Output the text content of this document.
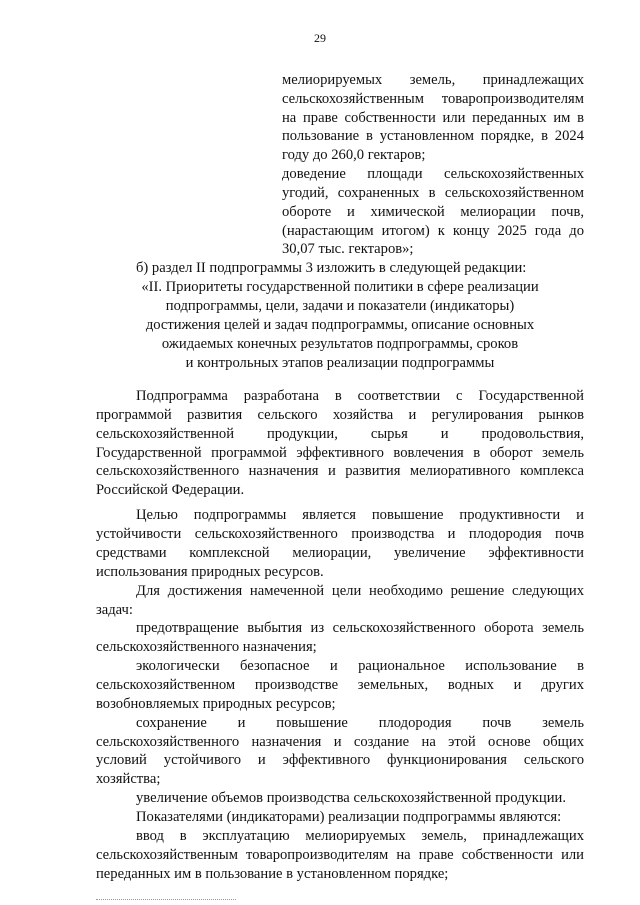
29

мелиорируемых земель, принадлежащих

сельскохозяйственным товаропроизводителям

на праве собственности или переданных им в

пользование в установленном порядке, в 2024

году до 260,0 гектаров;

доведение площади сельскохозяйственных

угодий, сохраненных в сельскохозяйственном

обороте и химической мелиорации почв,

(нарастающим итогом) к концу 2025 года до

30,07 тыс. гектаров»;

б) раздел II подпрограммы 3 изложить в следующей редакции:

«II. Приоритеты государственной политики в сфере реализации

подпрограммы, цели, задачи и показатели (индикаторы)

достижения целей и задач подпрограммы, описание основных

ожидаемых конечных результатов подпрограммы, сроков

и контрольных этапов реализации подпрограммы

Подпрограмма разработана в соответствии с Государственной

программой развития сельского хозяйства и регулирования рынков

сельскохозяйственной продукции, сырья и продовольствия,

Государственной программой эффективного вовлечения в оборот земель

сельскохозяйственного назначения и развития мелиоративного комплекса

Российской Федерации.

Целью подпрограммы является повышение продуктивности и

устойчивости сельскохозяйственного производства и плодородия почв

средствами комплексной мелиорации, увеличение эффективности

использования природных ресурсов.

Для достижения намеченной цели необходимо решение следующих

задач:

предотвращение выбытия из сельскохозяйственного оборота земель

сельскохозяйственного назначения;

экологически безопасное и рациональное использование в

сельскохозяйственном производстве земельных, водных и других

возобновляемых природных ресурсов;

сохранение и повышение плодородия почв земель

сельскохозяйственного назначения и создание на этой основе общих

условий устойчивого и эффективного функционирования сельского

хозяйства;

увеличение объемов производства сельскохозяйственной продукции.

Показателями (индикаторами) реализации подпрограммы являются:

ввод в эксплуатацию мелиорируемых земель, принадлежащих

сельскохозяйственным товаропроизводителям на праве собственности или

переданных им в пользование в установленном порядке;
